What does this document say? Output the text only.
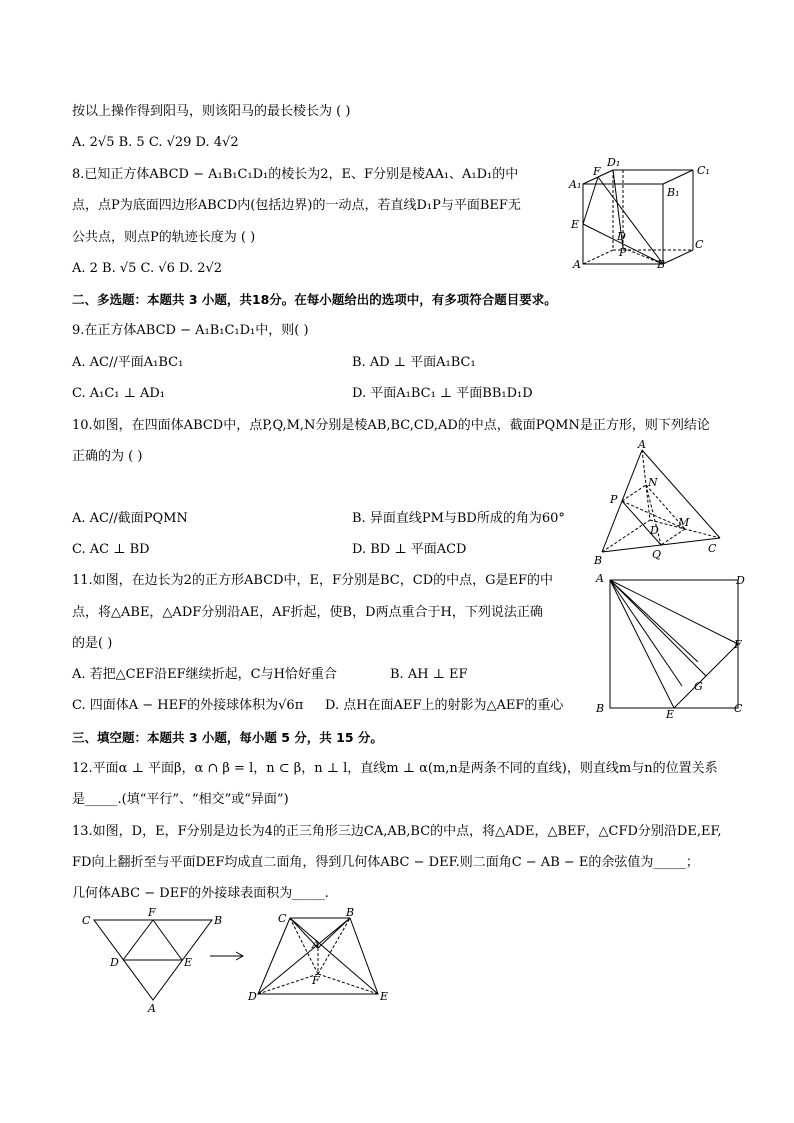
按以上操作得到阳马，则该阳马的最长棱长为 ( )
A. 2√5 B. 5 C. √29 D. 4√2
8.已知正方体ABCD − A₁B₁C₁D₁的棱长为2，E、F分别是棱AA₁、A₁D₁的中
点，点P为底面四边形ABCD内(包括边界)的一动点，若直线D₁P与平面BEF无
公共点，则点P的轨迹长度为 ( )
A. 2 B. √5 C. √6 D. 2√2
二、多选题：本题共 3 小题，共18分。在每小题给出的选项中，有多项符合题目要求。
9.在正方体ABCD − A₁B₁C₁D₁中，则( )
A. AC//平面A₁BC₁	B. AD ⊥ 平面A₁BC₁
C. A₁C₁ ⊥ AD₁	D. 平面A₁BC₁ ⊥ 平面BB₁D₁D
10.如图，在四面体ABCD中，点P,Q,M,N分别是棱AB,BC,CD,AD的中点，截面PQMN是正方形，则下列结论
正确的为 ( )
A. AC//截面PQMN	B. 异面直线PM与BD所成的角为60°
C. AC ⊥ BD	D. BD ⊥ 平面ACD
11.如图，在边长为2的正方形ABCD中，E，F分别是BC，CD的中点，G是EF的中
点，将△ABE，△ADF分别沿AE，AF折起，使B，D两点重合于H，下列说法正确
的是( )
A. 若把△CEF沿EF继续折起，C与H恰好重合	B. AH ⊥ EF
C. 四面体A − HEF的外接球体积为√6π D. 点H在面AEF上的射影为△AEF的重心
三、填空题：本题共 3 小题，每小题 5 分，共 15 分。
12.平面α ⊥ 平面β，α ∩ β = l，n ⊂ β，n ⊥ l，直线m ⊥ α(m,n是两条不同的直线)，则直线m与n的位置关系
是_____.(填“平行”、“相交”或“异面”)
13.如图，D，E，F分别是边长为4的正三角形三边CA,AB,BC的中点，将△ADE，△BEF，△CFD分别沿DE,EF,
FD向上翻折至与平面DEF均成直二面角，得到几何体ABC − DEF.则二面角C − AB − E的余弦值为_____；
几何体ABC − DEF的外接球表面积为_____.
A₁
F
D₁
C₁
B₁
E
D
P
A	B
C
A
N
P
D
M
B	Q	C
A	D
F
G
B	E	C
C
F
B
D	E
A
C	B
A
F
D	E
